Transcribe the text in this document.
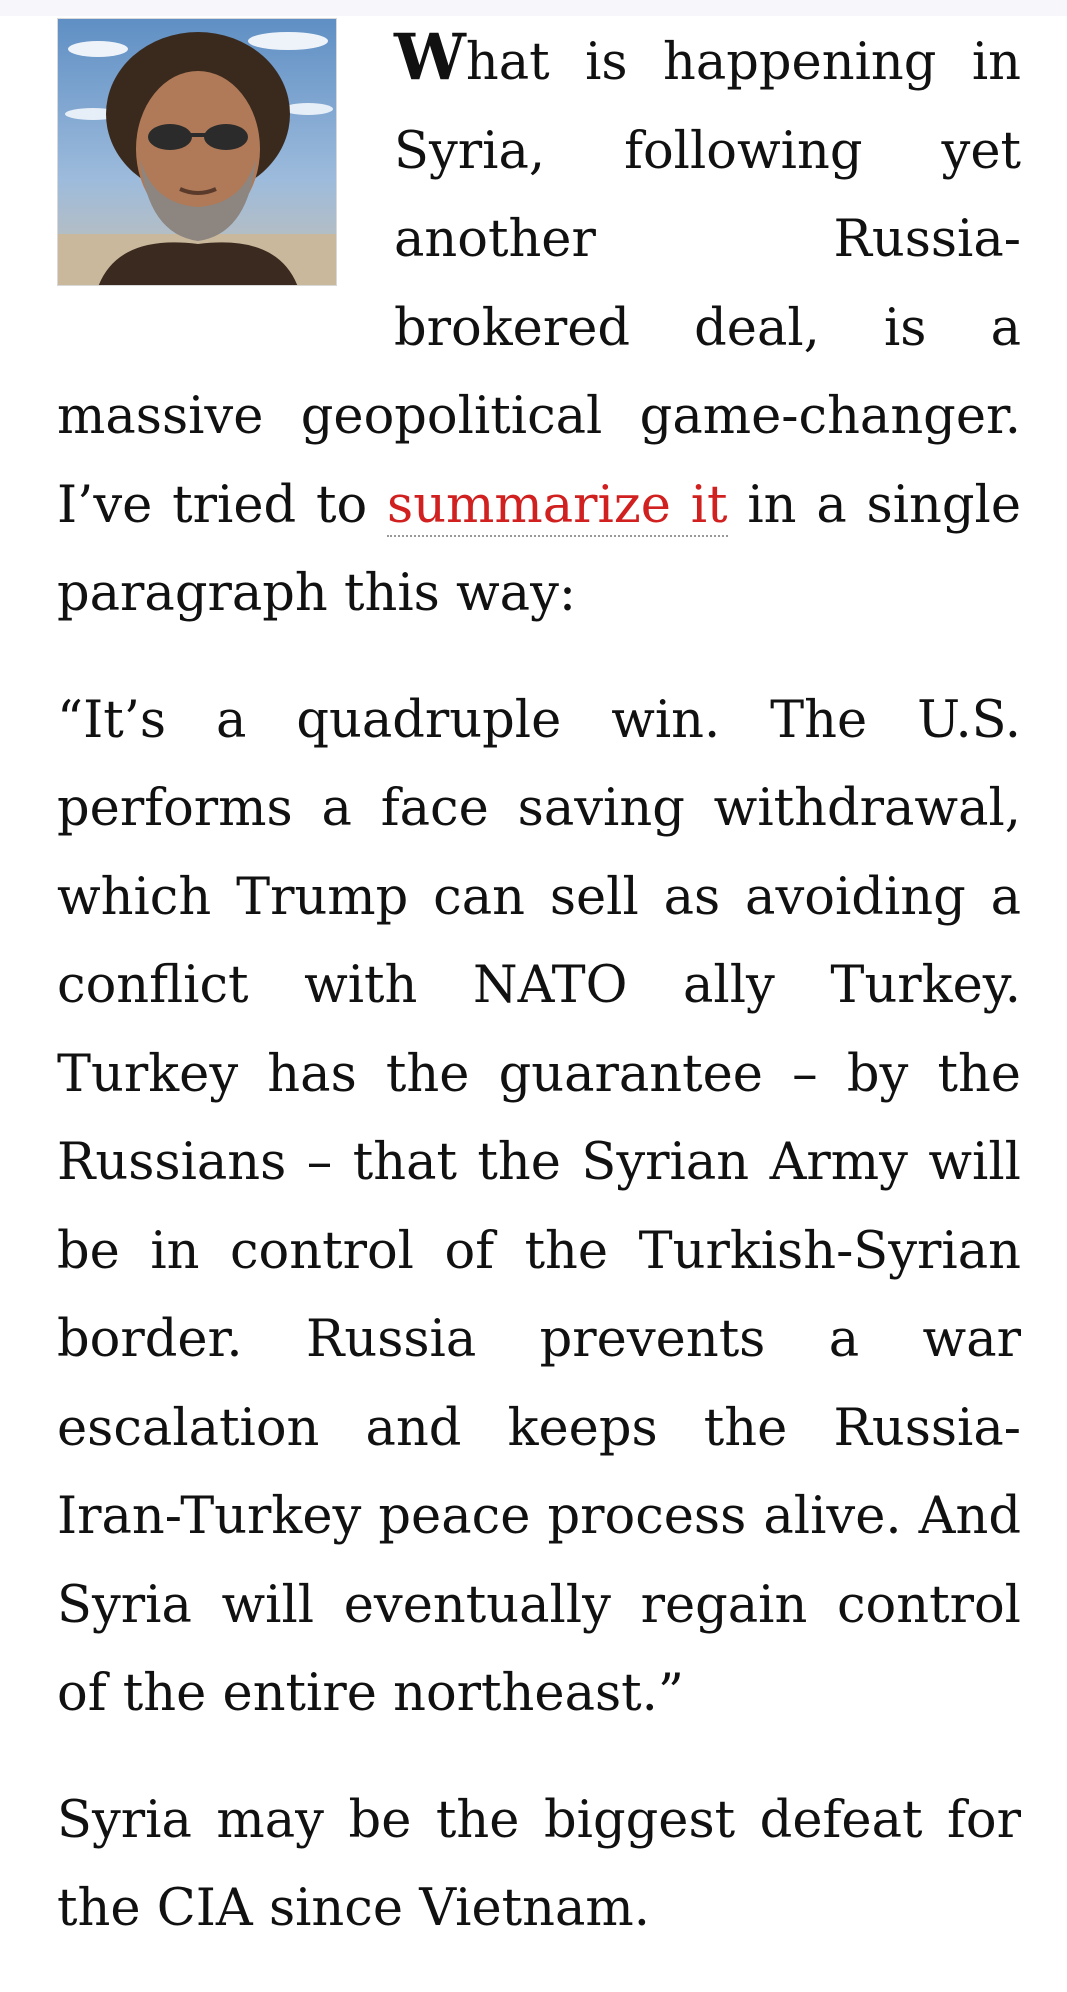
What is happening in Syria, following yet another Russia-brokered deal, is a massive geopolitical game-changer. I’ve tried to summarize it in a single paragraph this way:

“It’s a quadruple win. The U.S. performs a face saving withdrawal, which Trump can sell as avoiding a conflict with NATO ally Turkey. Turkey has the guarantee – by the Russians – that the Syrian Army will be in control of the Turkish-Syrian border. Russia prevents a war escalation and keeps the Russia-Iran-Turkey peace process alive. And Syria will eventually regain control of the entire northeast.”

Syria may be the biggest defeat for the CIA since Vietnam.
